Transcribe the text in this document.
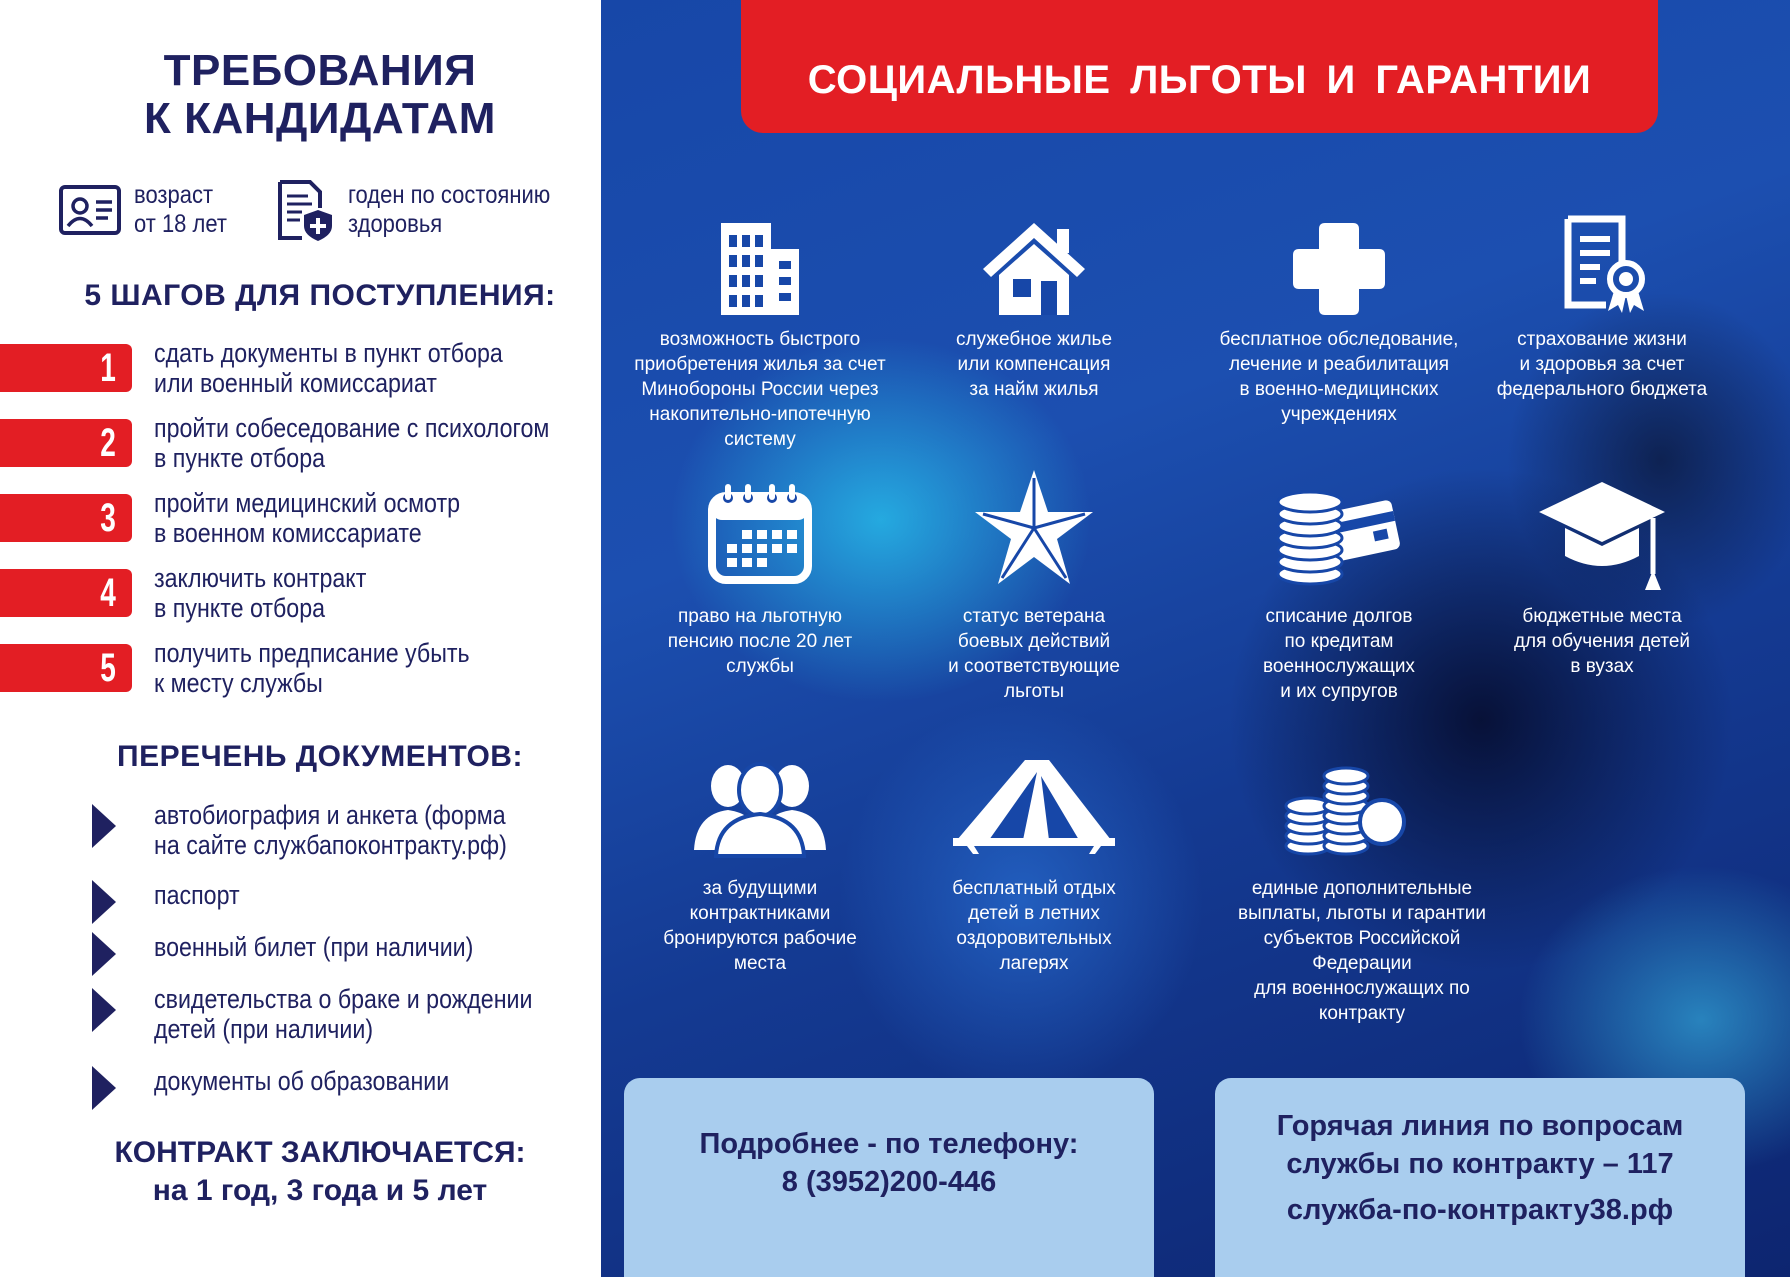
ТРЕБОВАНИЯ
К КАНДИДАТАМ
возраст
от 18 лет
годен по состоянию
здоровья
5 ШАГОВ ДЛЯ ПОСТУПЛЕНИЯ:
1 сдать документы в пункт отбора
или военный комиссариат
2 пройти собеседование с психологом
в пункте отбора
3 пройти медицинский осмотр
в военном комиссариате
4 заключить контракт
в пункте отбора
5 получить предписание убыть
к месту службы
ПЕРЕЧЕНЬ ДОКУМЕНТОВ:
автобиография и анкета (форма
на сайте службапоконтракту.рф)
паспорт
военный билет (при наличии)
свидетельства о браке и рождении
детей (при наличии)
документы об образовании
КОНТРАКТ ЗАКЛЮЧАЕТСЯ:
на 1 год, 3 года и 5 лет
СОЦИАЛЬНЫЕ ЛЬГОТЫ И ГАРАНТИИ
возможность быстрого
приобретения жилья за счет
Минобороны России через
накопительно-ипотечную систему
служебное жилье
или компенсация
за найм жилья
бесплатное обследование,
лечение и реабилитация
в военно-медицинских
учреждениях
страхование жизни
и здоровья за счет
федерального бюджета
право на льготную
пенсию после 20 лет
службы
статус ветерана
боевых действий
и соответствующие
льготы
списание долгов
по кредитам
военнослужащих
и их супругов
бюджетные места
для обучения детей
в вузах
за будущими
контрактниками
бронируются рабочие
места
бесплатный отдых
детей в летних
оздоровительных
лагерях
единые дополнительные
выплаты, льготы и гарантии
субъектов Российской Федерации
для военнослужащих по контракту
Подробнее - по телефону:
8 (3952)200-446
Горячая линия по вопросам
службы по контракту – 117
служба-по-контракту38.рф
